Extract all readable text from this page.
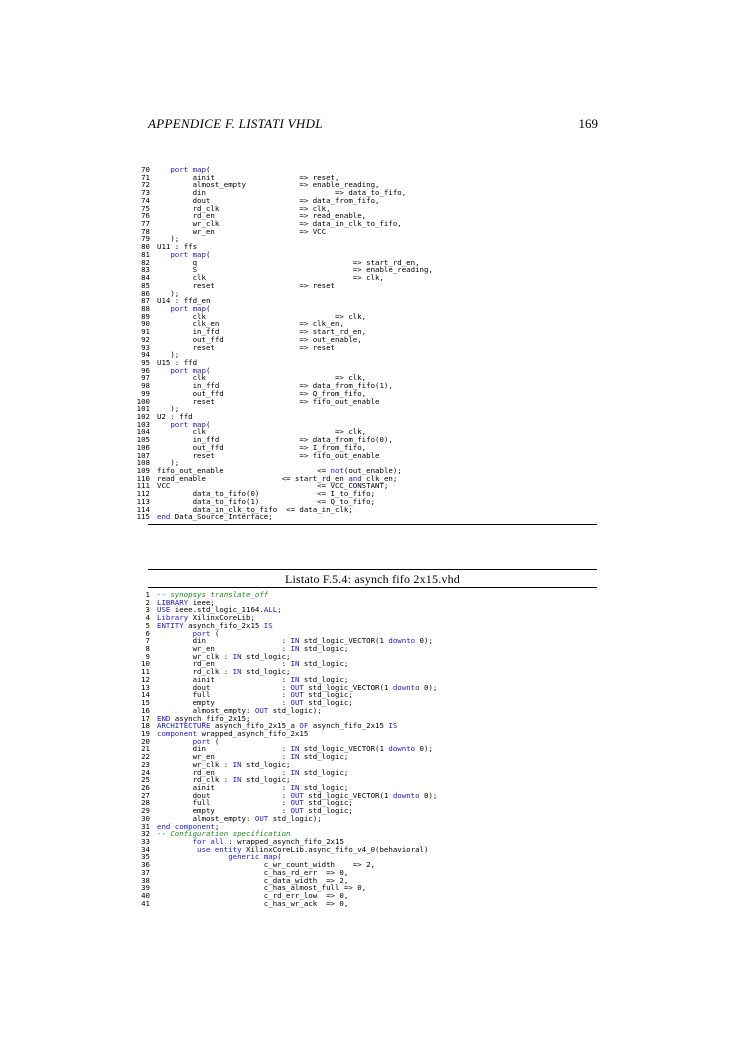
APPENDICE F. LISTATI VHDL	169
70	port map(
71        ainit                   => reset,
72        almost_empty            => enable_reading,
73        din                             => data_to_fifo,
74        dout                    => data_from_fifo,
75        rd_clk                  => clk,
76        rd_en                   => read_enable,
77        wr_clk                  => data_in_clk_to_fifo,
78        wr_en                   => VCC
79   );
80 U11 : ffs
81	port map(
82        q                                   => start_rd_en,
83        S                                   => enable_reading,
84        clk                                 => clk,
85        reset                   => reset
86   );
87 U14 : ffd_en
88	port map(
89        clk                             => clk,
90        clk_en                  => clk_en,
91        in_ffd                  => start_rd_en,
92        out_ffd                 => out_enable,
93        reset                   => reset
94   );
95 U15 : ffd
96	port map(
97        clk                             => clk,
98        in_ffd                  => data_from_fifo(1),
99        out_ffd                 => Q_from_fifo,
100        reset                   => fifo_out_enable
101   );
102 U2 : ffd
103	port map(
104        clk                             => clk,
105        in_ffd                  => data_from_fifo(0),
106        out_ffd                 => I_from_fifo,
107        reset                   => fifo_out_enable
108   );
109 fifo_out_enable                     <= not(out_enable);
110 read_enable                 <= start_rd_en and clk_en;
111 VCC                                 <= VCC_CONSTANT;
112        data_to_fifo(0)             <= I_to_fifo;
113        data_to_fifo(1)             <= Q_to_fifo;
114        data_in_clk_to_fifo  <= data_in_clk;
115 end Data_Source_Interface;
Listato F.5.4: asynch fifo 2x15.vhd
1 -- synopsys translate_off
2 LIBRARY ieee;
3 USE ieee.std_logic_1164.ALL;
4 Library XilinxCoreLib;
5 ENTITY asynch_fifo_2x15 IS
6	port (
7        din                 : IN std_logic_VECTOR(1 downto 0);
8        wr_en               : IN std_logic;
9        wr_clk : IN std_logic;
10        rd_en               : IN std_logic;
11        rd_clk : IN std_logic;
12        ainit               : IN std_logic;
13        dout                : OUT std_logic_VECTOR(1 downto 0);
14        full                : OUT std_logic;
15        empty               : OUT std_logic;
16        almost_empty: OUT std_logic);
17 END asynch_fifo_2x15;
18 ARCHITECTURE asynch_fifo_2x15_a OF asynch_fifo_2x15 IS
19 component wrapped_asynch_fifo_2x15
20	port (
21        din                 : IN std_logic_VECTOR(1 downto 0);
22        wr_en               : IN std_logic;
23        wr_clk : IN std_logic;
24        rd_en               : IN std_logic;
25        rd_clk : IN std_logic;
26        ainit               : IN std_logic;
27        dout                : OUT std_logic_VECTOR(1 downto 0);
28        full                : OUT std_logic;
29        empty               : OUT std_logic;
30        almost_empty: OUT std_logic);
31 end component;
32 -- Configuration specification
33	for all : wrapped_asynch_fifo_2x15
34	use entity XilinxCoreLib.async_fifo_v4_0(behavioral)
35	generic map(
36                        c_wr_count_width    => 2,
37                        c_has_rd_err  => 0,
38                        c_data_width  => 2,
39                        c_has_almost_full => 0,
40                        c_rd_err_low  => 0,
41                        c_has_wr_ack  => 0,
